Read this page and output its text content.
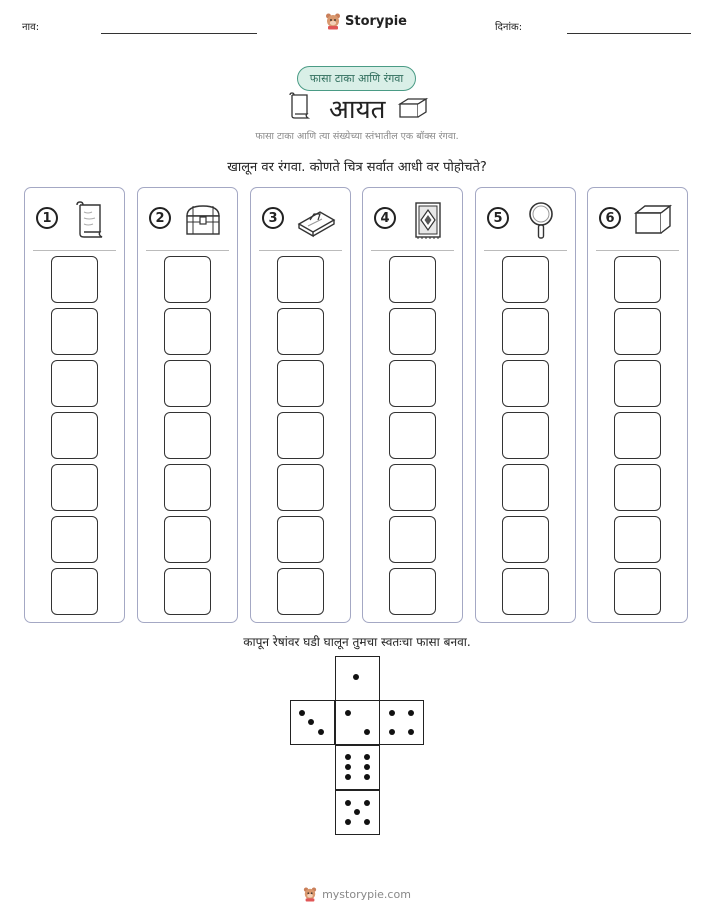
नाव:	Storypie	दिनांक:
फासा टाका आणि रंगवा
आयत
फासा टाका आणि त्या संख्येच्या स्तंभातील एक बॉक्स रंगवा.
खालून वर रंगवा. कोणते चित्र सर्वात आधी वर पोहोचते?
1	2	3	4	5	6
कापून रेषांवर घडी घालून तुमचा स्वतःचा फासा बनवा.
mystorypie.com
